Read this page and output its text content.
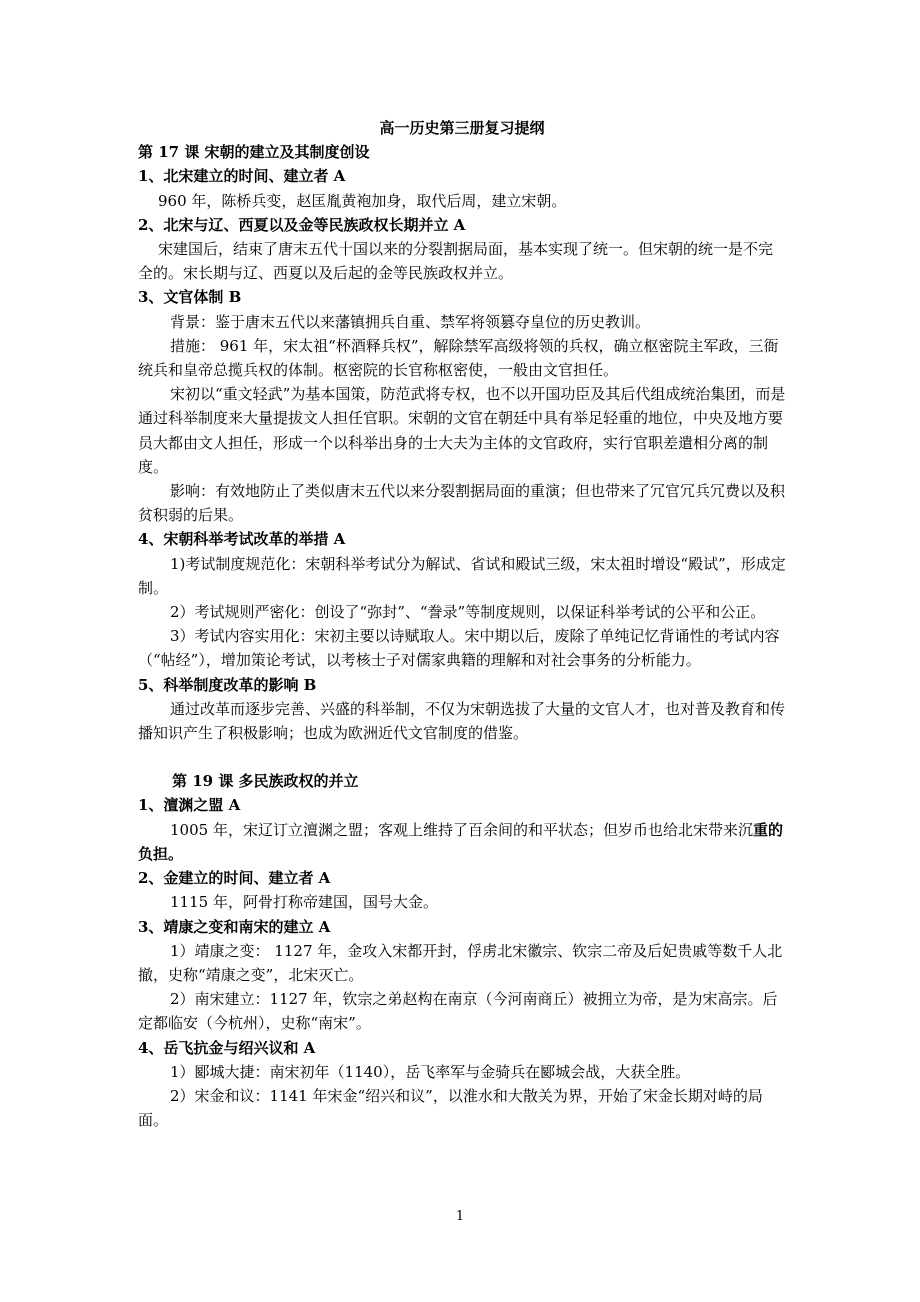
高一历史第三册复习提纲
第 17 课 宋朝的建立及其制度创设
1、北宋建立的时间、建立者 A

960 年，陈桥兵变，赵匡胤黄袍加身，取代后周，建立宋朝。

2、北宋与辽、西夏以及金等民族政权长期并立 A

宋建国后，结束了唐末五代十国以来的分裂割据局面，基本实现了统一。但宋朝的统一是不完全的。宋长期与辽、西夏以及后起的金等民族政权并立。

3、文官体制 B

背景：鉴于唐末五代以来藩镇拥兵自重、禁军将领篡夺皇位的历史教训。

措施： 961 年，宋太祖“杯酒释兵权”，解除禁军高级将领的兵权，确立枢密院主军政，三衙统兵和皇帝总揽兵权的体制。枢密院的长官称枢密使，一般由文官担任。

宋初以“重文轻武”为基本国策，防范武将专权，也不以开国功臣及其后代组成统治集团，而是通过科举制度来大量提拔文人担任官职。宋朝的文官在朝廷中具有举足轻重的地位，中央及地方要员大都由文人担任，形成一个以科举出身的士大夫为主体的文官政府，实行官职差遣相分离的制度。

影响：有效地防止了类似唐末五代以来分裂割据局面的重演；但也带来了冗官冗兵冗费以及积贫积弱的后果。

4、宋朝科举考试改革的举措 A

1)考试制度规范化：宋朝科举考试分为解试、省试和殿试三级，宋太祖时增设“殿试”，形成定制。

2）考试规则严密化：创设了“弥封”、“誊录”等制度规则，以保证科举考试的公平和公正。

3）考试内容实用化：宋初主要以诗赋取人。宋中期以后，废除了单纯记忆背诵性的考试内容（“帖经”），增加策论考试，以考核士子对儒家典籍的理解和对社会事务的分析能力。

5、科举制度改革的影响 B

通过改革而逐步完善、兴盛的科举制，不仅为宋朝选拔了大量的文官人才，也对普及教育和传播知识产生了积极影响；也成为欧洲近代文官制度的借鉴。

第 19 课 多民族政权的并立
1、澶渊之盟 A

1005 年，宋辽订立澶渊之盟；客观上维持了百余间的和平状态；但岁币也给北宋带来沉重的负担。

2、金建立的时间、建立者 A

1115 年，阿骨打称帝建国，国号大金。

3、靖康之变和南宋的建立 A

1）靖康之变： 1127 年，金攻入宋都开封，俘虏北宋徽宗、钦宗二帝及后妃贵戚等数千人北撤，史称“靖康之变”，北宋灭亡。

2）南宋建立：1127 年，钦宗之弟赵构在南京（今河南商丘）被拥立为帝，是为宋高宗。后定都临安（今杭州），史称“南宋”。

4、岳飞抗金与绍兴议和 A

1）郾城大捷：南宋初年（1140），岳飞率军与金骑兵在郾城会战，大获全胜。

2）宋金和议：1141 年宋金“绍兴和议”，以淮水和大散关为界，开始了宋金长期对峙的局面。

1
